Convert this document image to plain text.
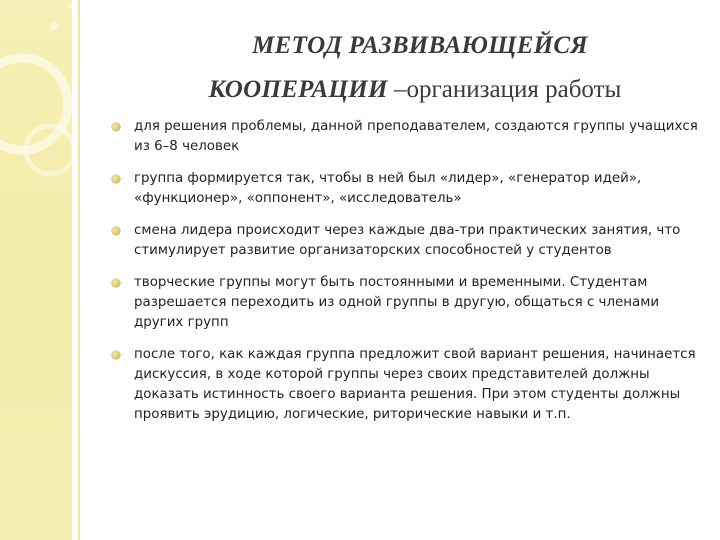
МЕТОД РАЗВИВАЮЩЕЙСЯ
КООПЕРАЦИИ –организация работы
для решения проблемы, данной преподавателем, создаются группы учащихся из 6–8 человек
группа формируется так, чтобы в ней был «лидер», «генератор идей», «функционер», «оппонент», «исследователь»
смена лидера происходит через каждые два-три практических занятия, что стимулирует развитие организаторских способностей у студентов
творческие группы могут быть постоянными и временными. Студентам разрешается переходить из одной группы в другую, общаться с членами других групп
после того, как каждая группа предложит свой вариант решения, начинается дискуссия, в ходе которой группы через своих представителей должны доказать истинность своего варианта решения. При этом студенты должны проявить эрудицию, логические, риторические навыки и т.п.
